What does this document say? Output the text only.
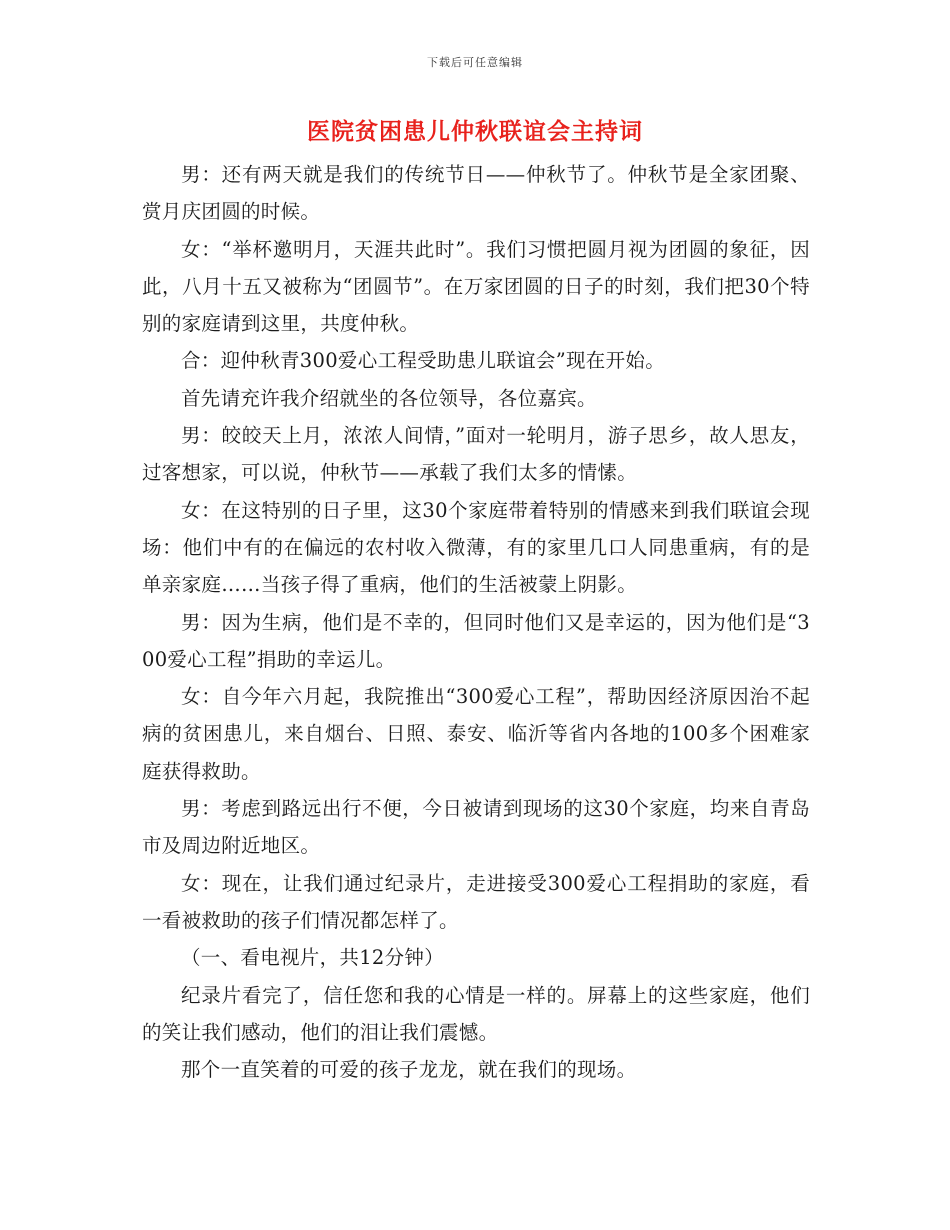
下载后可任意编辑
医院贫困患儿仲秋联谊会主持词

男：还有两天就是我们的传统节日——仲秋节了。仲秋节是全家团聚、赏月庆团圆的时候。

女：“举杯邀明月，天涯共此时”。我们习惯把圆月视为团圆的象征，因此，八月十五又被称为“团圆节”。在万家团圆的日子的时刻，我们把30个特别的家庭请到这里，共度仲秋。

合：迎仲秋青300爱心工程受助患儿联谊会”现在开始。

首先请充许我介绍就坐的各位领导，各位嘉宾。

男：皎皎天上月，浓浓人间情，”面对一轮明月，游子思乡，故人思友，过客想家，可以说，仲秋节——承载了我们太多的情愫。

女：在这特别的日子里，这30个家庭带着特别的情感来到我们联谊会现场：他们中有的在偏远的农村收入微薄，有的家里几口人同患重病，有的是单亲家庭……当孩子得了重病，他们的生活被蒙上阴影。

男：因为生病，他们是不幸的，但同时他们又是幸运的，因为他们是“300爱心工程”捐助的幸运儿。

女：自今年六月起，我院推出“300爱心工程”，帮助因经济原因治不起病的贫困患儿，来自烟台、日照、泰安、临沂等省内各地的100多个困难家庭获得救助。

男：考虑到路远出行不便，今日被请到现场的这30个家庭，均来自青岛市及周边附近地区。

女：现在，让我们通过纪录片，走进接受300爱心工程捐助的家庭，看一看被救助的孩子们情况都怎样了。

（一、看电视片，共12分钟）

纪录片看完了，信任您和我的心情是一样的。屏幕上的这些家庭，他们的笑让我们感动，他们的泪让我们震憾。

那个一直笑着的可爱的孩子龙龙，就在我们的现场。
